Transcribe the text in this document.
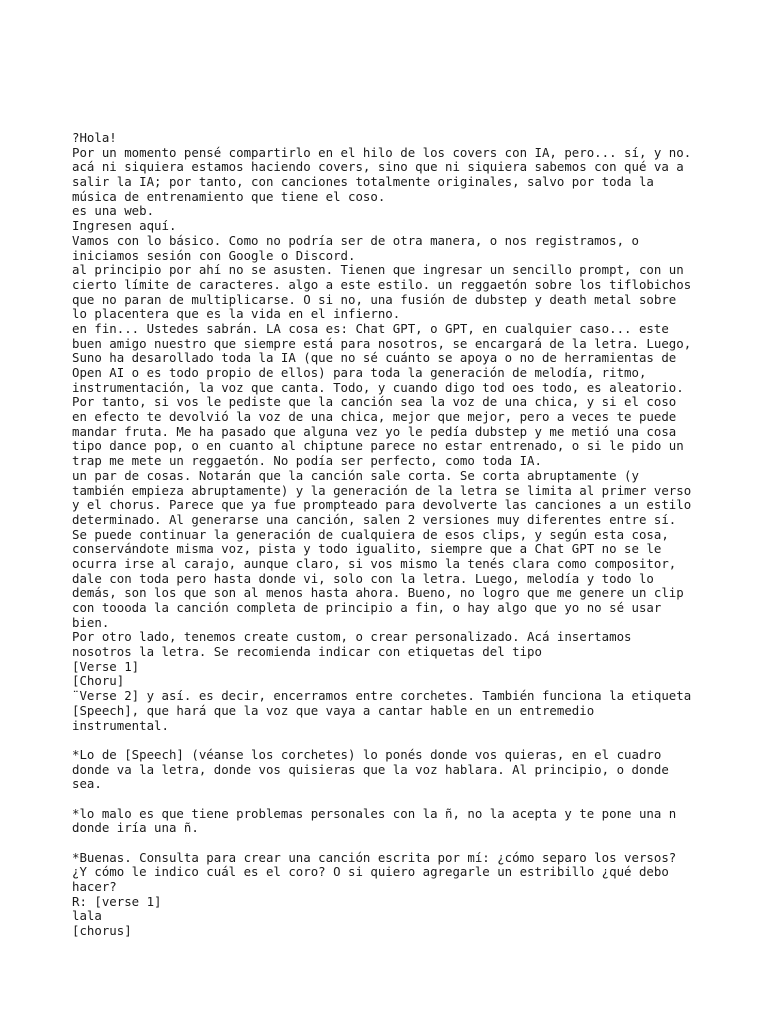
?Hola!
Por un momento pensé compartirlo en el hilo de los covers con IA, pero... sí, y no.
acá ni siquiera estamos haciendo covers, sino que ni siquiera sabemos con qué va a
salir la IA; por tanto, con canciones totalmente originales, salvo por toda la
música de entrenamiento que tiene el coso.
es una web.
Ingresen aquí.
Vamos con lo básico. Como no podría ser de otra manera, o nos registramos, o
iniciamos sesión con Google o Discord.
al principio por ahí no se asusten. Tienen que ingresar un sencillo prompt, con un
cierto límite de caracteres. algo a este estilo. un reggaetón sobre los tiflobichos
que no paran de multiplicarse. O si no, una fusión de dubstep y death metal sobre
lo placentera que es la vida en el infierno.
en fin... Ustedes sabrán. LA cosa es: Chat GPT, o GPT, en cualquier caso... este
buen amigo nuestro que siempre está para nosotros, se encargará de la letra. Luego,
Suno ha desarollado toda la IA (que no sé cuánto se apoya o no de herramientas de
Open AI o es todo propio de ellos) para toda la generación de melodía, ritmo,
instrumentación, la voz que canta. Todo, y cuando digo tod oes todo, es aleatorio.
Por tanto, si vos le pediste que la canción sea la voz de una chica, y si el coso
en efecto te devolvió la voz de una chica, mejor que mejor, pero a veces te puede
mandar fruta. Me ha pasado que alguna vez yo le pedía dubstep y me metió una cosa
tipo dance pop, o en cuanto al chiptune parece no estar entrenado, o si le pido un
trap me mete un reggaetón. No podía ser perfecto, como toda IA.
un par de cosas. Notarán que la canción sale corta. Se corta abruptamente (y
también empieza abruptamente) y la generación de la letra se limita al primer verso
y el chorus. Parece que ya fue prompteado para devolverte las canciones a un estilo
determinado. Al generarse una canción, salen 2 versiones muy diferentes entre sí.
Se puede continuar la generación de cualquiera de esos clips, y según esta cosa,
conservándote misma voz, pista y todo igualito, siempre que a Chat GPT no se le
ocurra irse al carajo, aunque claro, si vos mismo la tenés clara como compositor,
dale con toda pero hasta donde vi, solo con la letra. Luego, melodía y todo lo
demás, son los que son al menos hasta ahora. Bueno, no logro que me genere un clip
con toooda la canción completa de principio a fin, o hay algo que yo no sé usar
bien.
Por otro lado, tenemos create custom, o crear personalizado. Acá insertamos
nosotros la letra. Se recomienda indicar con etiquetas del tipo
[Verse 1]
[Choru]
¨Verse 2] y así. es decir, encerramos entre corchetes. También funciona la etiqueta
[Speech], que hará que la voz que vaya a cantar hable en un entremedio
instrumental.
*Lo de [Speech] (véanse los corchetes) lo ponés donde vos quieras, en el cuadro
donde va la letra, donde vos quisieras que la voz hablara. Al principio, o donde
sea.
*lo malo es que tiene problemas personales con la ñ, no la acepta y te pone una n
donde iría una ñ.
*Buenas. Consulta para crear una canción escrita por mí: ¿cómo separo los versos?
¿Y cómo le indico cuál es el coro? O si quiero agregarle un estribillo ¿qué debo
hacer?
R: [verse 1]
lala
[chorus]
